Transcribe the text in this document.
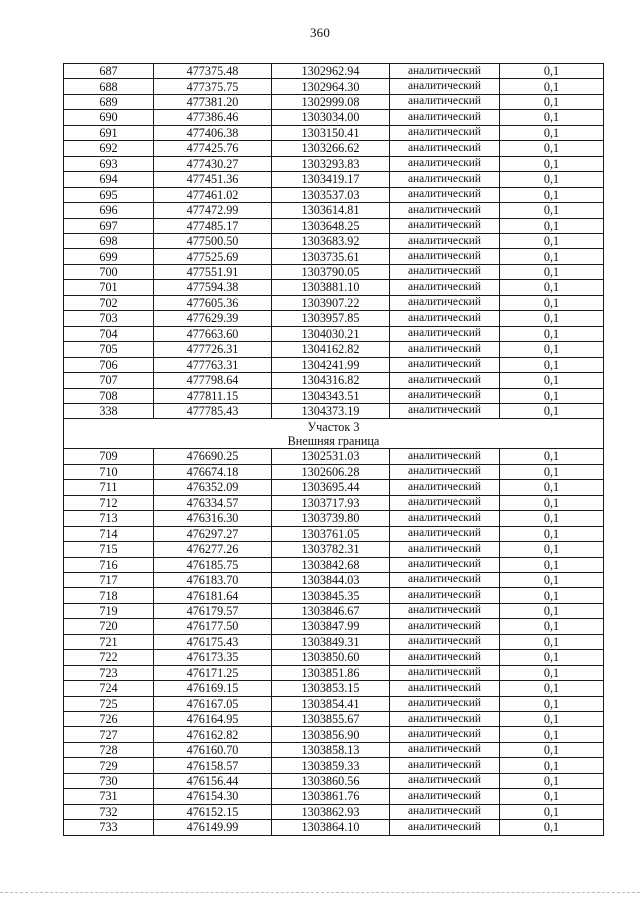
360
687	477375.48	1302962.94	аналитический	0,1
688	477375.75	1302964.30	аналитический	0,1
689	477381.20	1302999.08	аналитический	0,1
690	477386.46	1303034.00	аналитический	0,1
691	477406.38	1303150.41	аналитический	0,1
692	477425.76	1303266.62	аналитический	0,1
693	477430.27	1303293.83	аналитический	0,1
694	477451.36	1303419.17	аналитический	0,1
695	477461.02	1303537.03	аналитический	0,1
696	477472.99	1303614.81	аналитический	0,1
697	477485.17	1303648.25	аналитический	0,1
698	477500.50	1303683.92	аналитический	0,1
699	477525.69	1303735.61	аналитический	0,1
700	477551.91	1303790.05	аналитический	0,1
701	477594.38	1303881.10	аналитический	0,1
702	477605.36	1303907.22	аналитический	0,1
703	477629.39	1303957.85	аналитический	0,1
704	477663.60	1304030.21	аналитический	0,1
705	477726.31	1304162.82	аналитический	0,1
706	477763.31	1304241.99	аналитический	0,1
707	477798.64	1304316.82	аналитический	0,1
708	477811.15	1304343.51	аналитический	0,1
338	477785.43	1304373.19	аналитический	0,1
Участок 3				
Внешняя граница				
709	476690.25	1302531.03	аналитический	0,1
710	476674.18	1302606.28	аналитический	0,1
711	476352.09	1303695.44	аналитический	0,1
712	476334.57	1303717.93	аналитический	0,1
713	476316.30	1303739.80	аналитический	0,1
714	476297.27	1303761.05	аналитический	0,1
715	476277.26	1303782.31	аналитический	0,1
716	476185.75	1303842.68	аналитический	0,1
717	476183.70	1303844.03	аналитический	0,1
718	476181.64	1303845.35	аналитический	0,1
719	476179.57	1303846.67	аналитический	0,1
720	476177.50	1303847.99	аналитический	0,1
721	476175.43	1303849.31	аналитический	0,1
722	476173.35	1303850.60	аналитический	0,1
723	476171.25	1303851.86	аналитический	0,1
724	476169.15	1303853.15	аналитический	0,1
725	476167.05	1303854.41	аналитический	0,1
726	476164.95	1303855.67	аналитический	0,1
727	476162.82	1303856.90	аналитический	0,1
728	476160.70	1303858.13	аналитический	0,1
729	476158.57	1303859.33	аналитический	0,1
730	476156.44	1303860.56	аналитический	0,1
731	476154.30	1303861.76	аналитический	0,1
732	476152.15	1303862.93	аналитический	0,1
733	476149.99	1303864.10	аналитический	0,1
